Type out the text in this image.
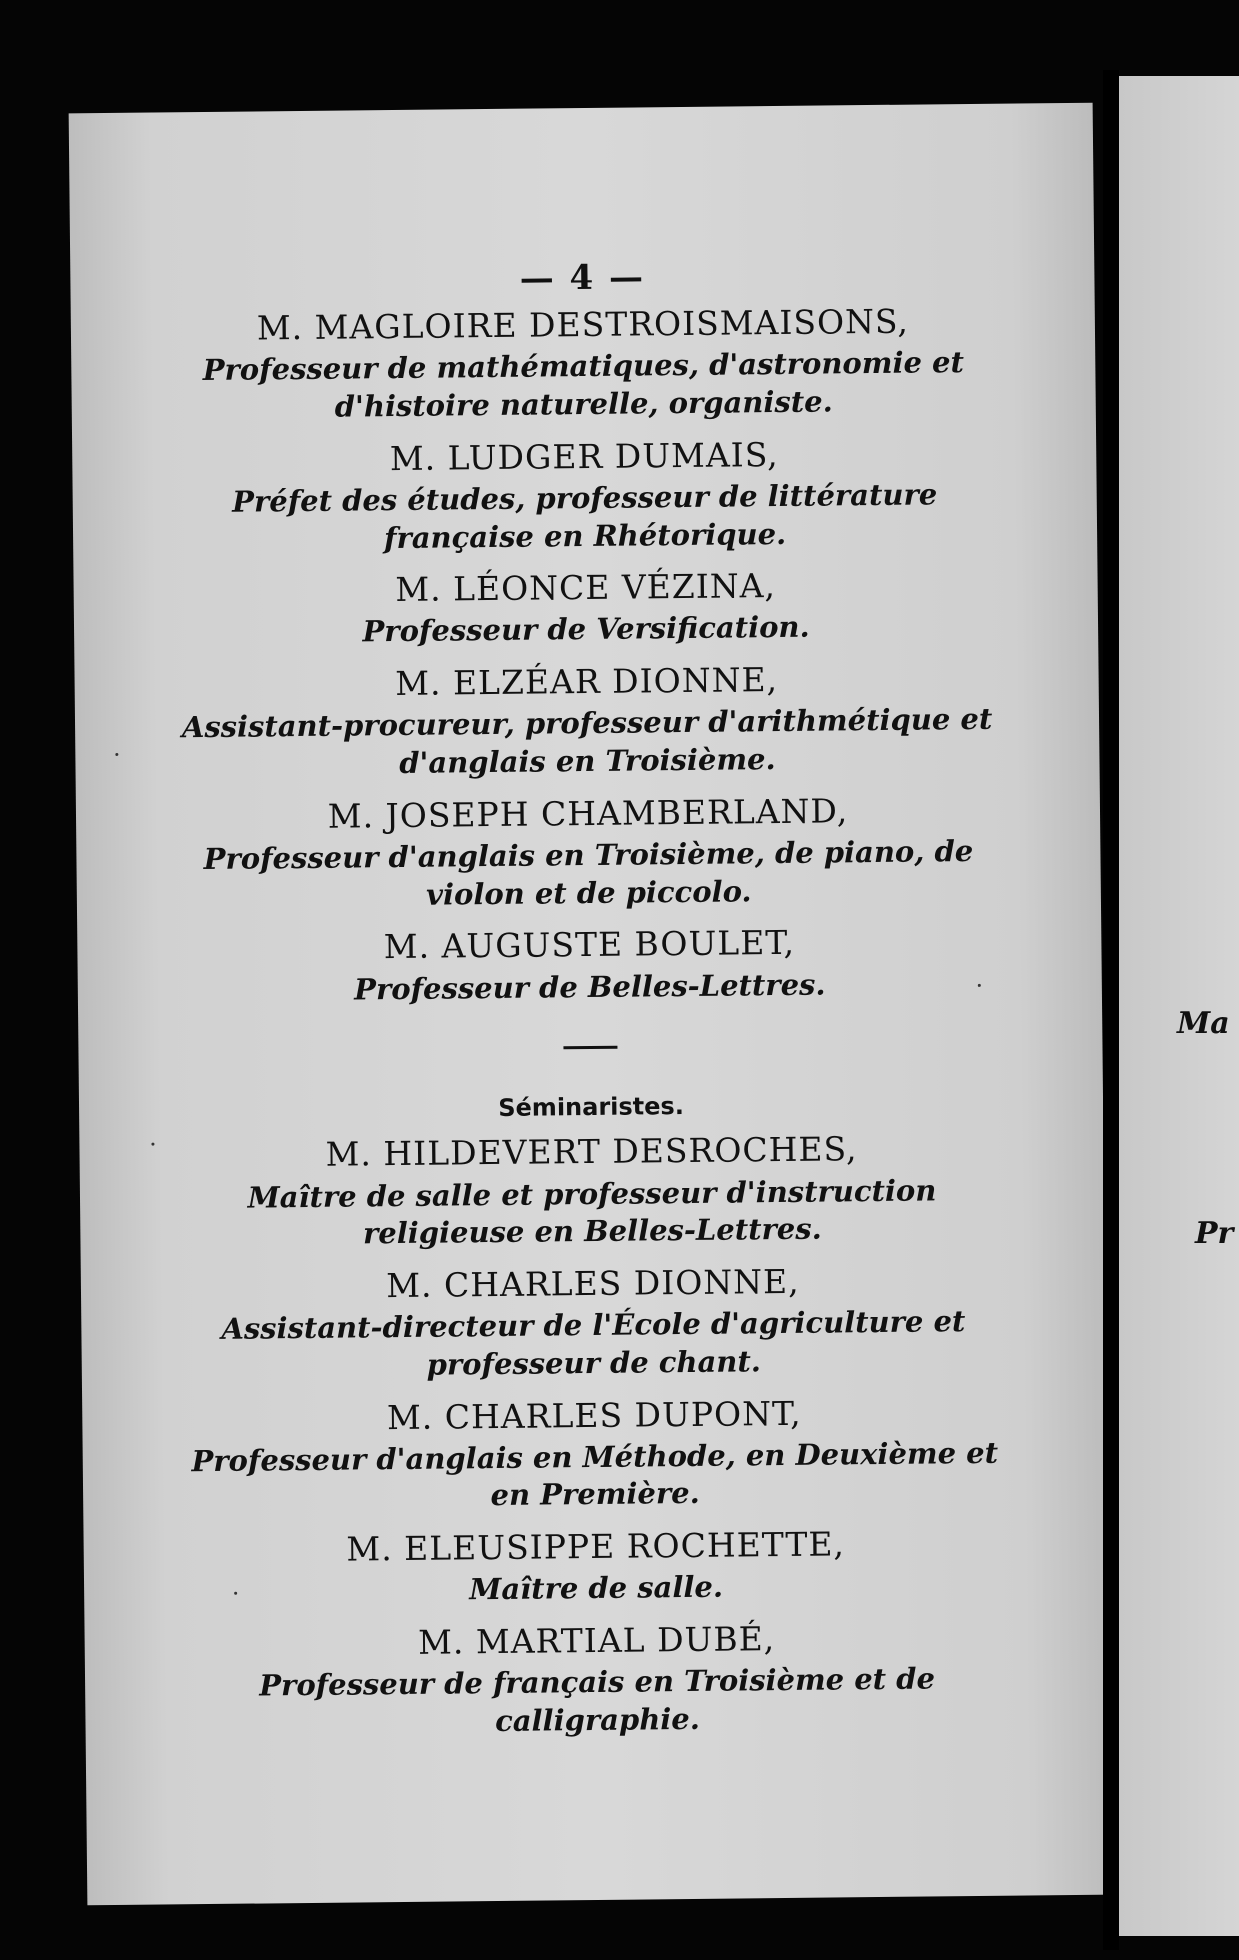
— 4 —
M. MAGLOIRE DESTROISMAISONS,
Professeur de mathématiques, d'astronomie et d'histoire naturelle, organiste.
M. LUDGER DUMAIS,
Préfet des études, professeur de littérature française en Rhétorique.
M. LÉONCE VÉZINA,
Professeur de Versification.
M. ELZÉAR DIONNE,
Assistant-procureur, professeur d'arithmétique et d'anglais en Troisième.
M. JOSEPH CHAMBERLAND,
Professeur d'anglais en Troisième, de piano, de violon et de piccolo.
M. AUGUSTE BOULET,
Professeur de Belles-Lettres.
Séminaristes.
M. HILDEVERT DESROCHES,
Maître de salle et professeur d'instruction religieuse en Belles-Lettres.
M. CHARLES DIONNE,
Assistant-directeur de l'École d'agriculture et professeur de chant.
M. CHARLES DUPONT,
Professeur d'anglais en Méthode, en Deuxième et en Première.
M. ELEUSIPPE ROCHETTE,
Maître de salle.
M. MARTIAL DUBÉ,
Professeur de français en Troisième et de calligraphie.
Ma
Pr
